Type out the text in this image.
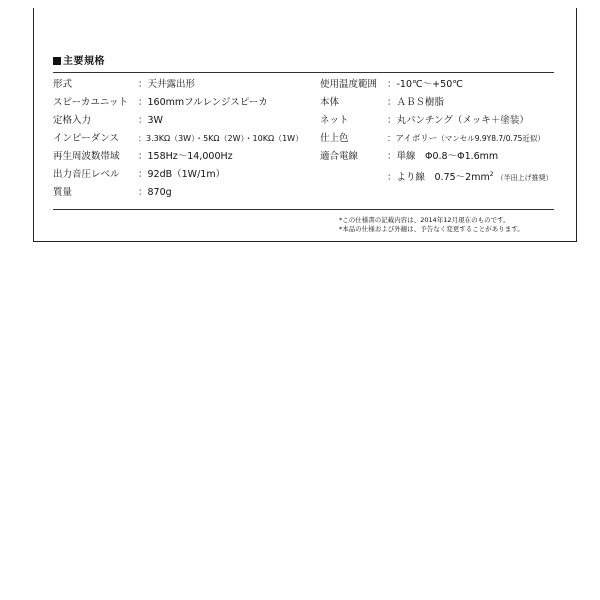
主要規格
形式	：天井露出形
スピーカユニット ：160mmフルレンジスピーカ
定格入力	：3W
インピーダンス ：3.3KΩ（3W）・5KΩ（2W）・10KΩ（1W）
再生周波数帯域 ：158Hz～14,000Hz
出力音圧レベル ：92dB（1W/1m）
質量	：870g
使用温度範囲 ：-10℃～+50℃
本体	：ＡＢＳ樹脂
ネット	：丸パンチング（メッキ＋塗装）
仕上色	：アイボリー（マンセル9.9Y8.7/0.75近似）
適合電線	：単線　Φ0.8～Φ1.6mm
：より線　$0.75\sim 2mm^2$ （半田上げ推奨）
*この仕様書の記載内容は、2014年12月現在のものです。
*本品の仕様および外観は、予告なく変更することがあります。
